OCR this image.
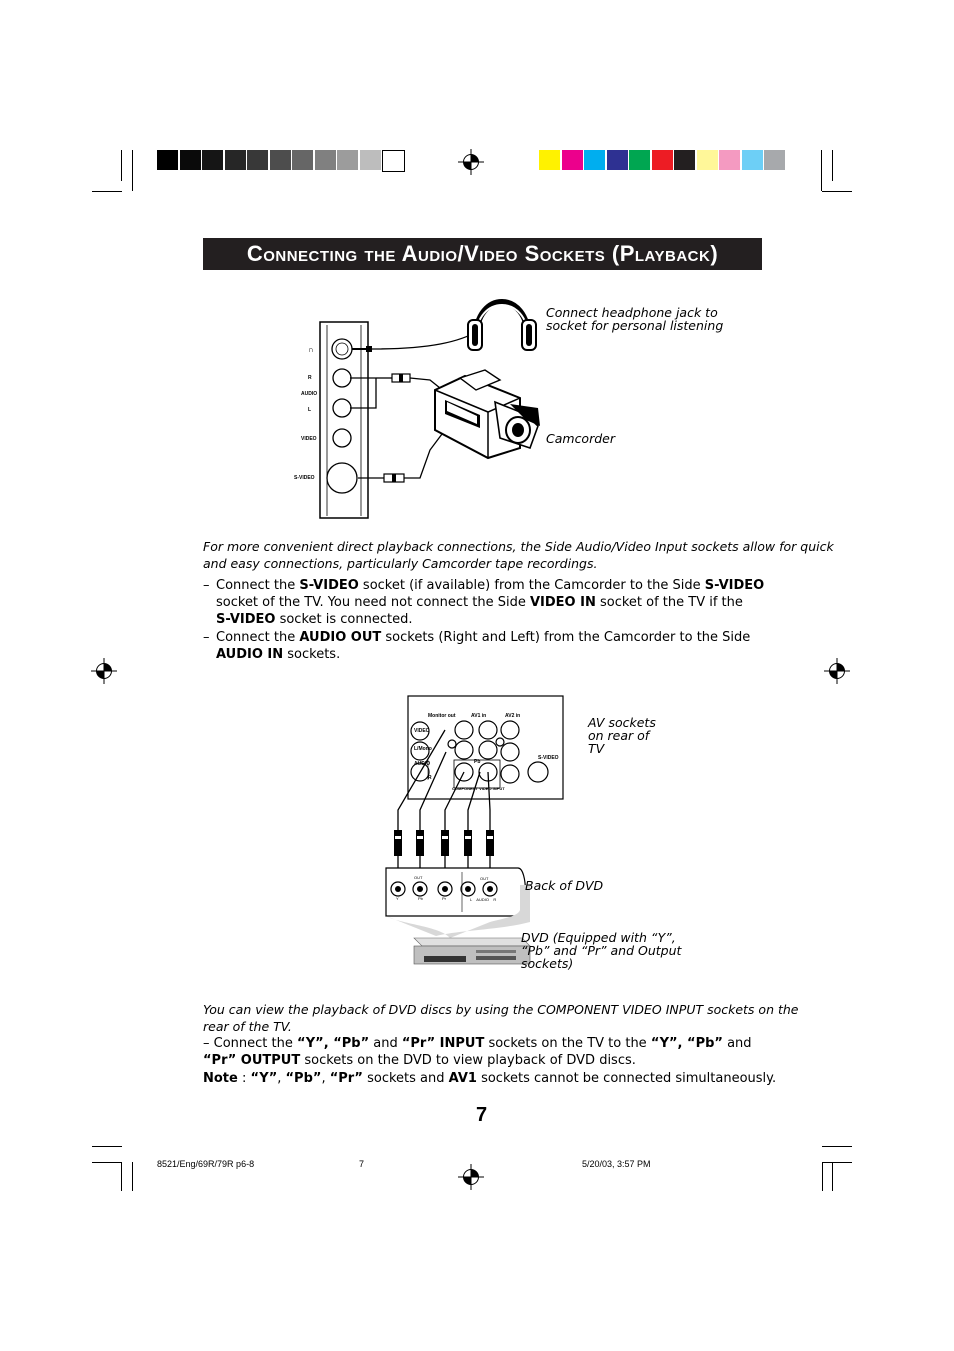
Connecting the Audio/Video Sockets (Playback)
∩
R
AUDIO
L
VIDEO
S-VIDEO
Connect headphone jack to
socket for personal listening
Camcorder
For more convenient direct playback connections, the Side Audio/Video Input sockets allow for quick
and easy connections, particularly Camcorder tape recordings.
– Connect the S-VIDEO socket (if available) from the Camcorder to the Side S-VIDEO
socket of the TV. You need not connect the Side VIDEO IN socket of the TV if the
S-VIDEO socket is connected.
– Connect the AUDIO OUT sockets (Right and Left) from the Camcorder to the Side
AUDIO IN sockets.
Monitor out	AV1 in	AV2 in
VIDEO
L/Mono
AUDIO
R
S-VIDEO
Pb
COMPONENT VIDEO INPUT
OUT	OUT
Y	Pb	Pr	L    AUDIO    R
AV sockets
on rear of
TV
Back of DVD
DVD (Equipped with “Y”,
“Pb” and “Pr” and Output
sockets)
You can view the playback of DVD discs by using the COMPONENT VIDEO INPUT sockets on the
rear of the TV.
– Connect the “Y”, “Pb” and “Pr” INPUT sockets on the TV to the “Y”, “Pb” and
“Pr” OUTPUT sockets on the DVD to view playback of DVD discs.
Note : “Y”, “Pb”, “Pr” sockets and AV1 sockets cannot be connected simultaneously.
7
8521/Eng/69R/79R p6-8	7	5/20/03, 3:57 PM
